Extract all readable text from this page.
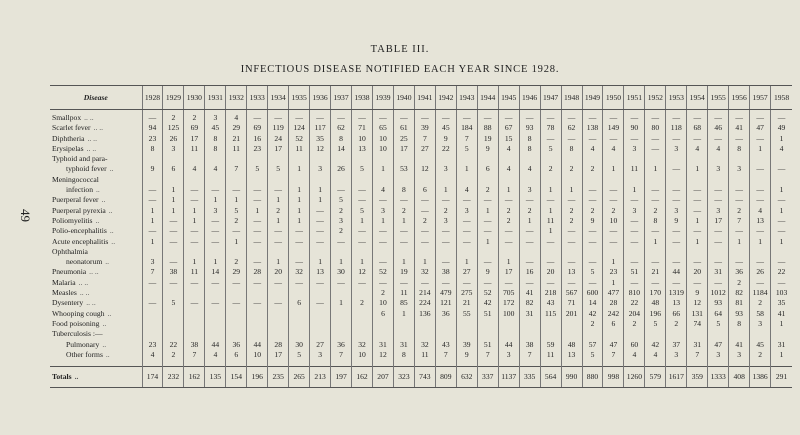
49
TABLE III.
INFECTIOUS DISEASE NOTIFIED EACH YEAR SINCE 1928.
Disease	1928	1929	1930	1931	1932	1933	1934	1935	1936	1937	1938	1939	1940	1941	1942	1943	1944	1945	1946	1947	1948	1949	1950	1951	1952	1953	1954	1955	1956	1957	1958
Smallpox .. ..	—	2	2	3	4	—	—	—	—	—	—	—	—	—	—	—	—	—	—	—	—	—	—	—	—	—	—	—	—	—	—
Scarlet fever .. ..	94	125	69	45	29	69	119	124	117	62	71	65	61	39	45	184	88	67	93	78	62	138	149	90	80	118	68	46	41	47	49
Diphtheria .. ..	23	26	17	8	21	16	24	52	35	8	10	10	25	7	9	7	19	15	8	—	—	—	—	—	—	—	—	—	—	—	1
Erysipelas .. ..	8	3	11	8	11	23	17	11	12	14	13	10	17	27	22	5	9	4	8	5	8	4	4	3	—	3	4	4	8	1	4
Typhoid and para-																															
typhoid fever ..	9	6	4	4	7	5	5	1	3	26	5	1	53	12	3	1	6	4	4	2	2	2	1	11	1	—	1	3	3	—	—
Meningococcal																															
infection ..	—	1	—	—	—	—	—	1	1	—	—	4	8	6	1	4	2	1	3	1	1	—	—	1	—	—	—	—	—	—	1
Puerperal fever ..	—	1	—	1	1	—	1	1	1	5	—	—	—	—	—	—	—	—	—	—	—	—	—	—	—	—	—	—	—	—	—
Puerperal pyrexia ..	1	1	1	3	5	1	2	1	—	2	5	3	2	—	2	3	1	2	2	1	2	2	2	3	2	3	—	3	2	4	1
Poliomyelitis ..	1	—	1	—	2	—	1	1	—	3	1	1	1	2	3	—	—	2	1	11	2	9	10	—	8	9	1	17	7	13	—
Polio-encephalitis ..	—	—	—	—	—	—	—	—	—	2	—	—	—	—	—	—	—	—	—	1	—	—	—	—	—	—	—	—	—	—	—
Acute encephalitis ..	1	—	—	—	1	—	—	—	—	—	—	—	—	—	—	—	1	—	—	—	—	—	—	—	1	—	1	—	1	1	1
Ophthalmia																															
neonatorum ..	3	—	1	1	2	—	1	—	1	1	1	—	1	1	—	1	—	1	—	—	—	—	1	—	—	—	—	—	—	—	—
Pneumonia .. ..	7	38	11	14	29	28	20	32	13	30	12	52	19	32	38	27	9	17	16	20	13	5	23	51	21	44	20	31	36	26	22
Malaria .. ..	—	—	—	—	—	—	—	—	—	—	—	—	—	—	—	—	—	—	—	—	—	—	1	—	—	—	—	—	2	—	—
Measles .. ..												2	11	214	479	275	52	705	41	218	567	600	477	810	170	1319	9	1012	82	1184	103
Dysentery .. ..	—	5	—	—	—	—	—	6	—	1	2	10	85	224	121	21	42	172	82	43	71	14	28	22	48	13	12	93	81	2	35
Whooping cough ..												6	1	136	36	55	51	100	31	115	201	42	242	204	196	66	131	64	93	58	41
Food poisoning ..																						2	6	2	5	2	74	5	8	3	1
Tuberculosis :—																															
Pulmonary ..	23	22	38	44	36	44	28	30	27	36	32	31	31	32	43	39	51	44	38	59	48	57	47	60	42	37	31	47	41	45	31
Other forms ..	4	2	7	4	6	10	17	5	3	7	10	12	8	11	7	9	7	3	7	11	13	5	7	4	4	3	7	3	3	2	1

Totals ..	174	232	162	135	154	196	235	265	213	197	162	207	323	743	809	632	337	1137	335	564	990	880	998	1260	579	1617	359	1333	408	1386	291
